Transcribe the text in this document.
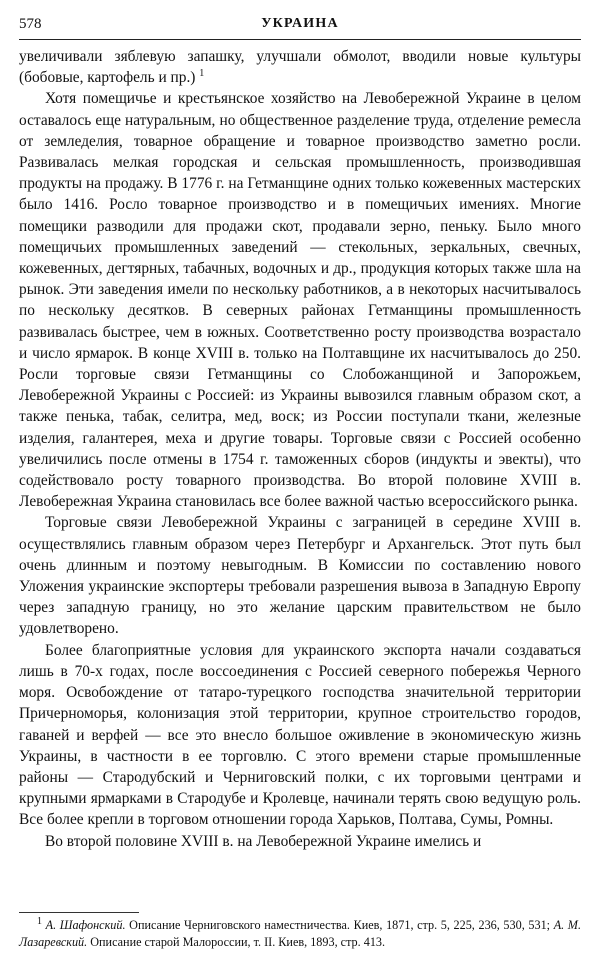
578	УКРАИНА

увеличивали зяблевую запашку, улучшали обмолот, вводили новые культуры (бобовые, картофель и пр.) $^1$

Хотя помещичье и крестьянское хозяйство на Левобережной Украине в целом оставалось еще натуральным, но общественное разделение труда, отделение ремесла от земледелия, товарное обращение и товарное производство заметно росли. Развивалась мелкая городская и сельская промышленность, производившая продукты на продажу. В 1776 г. на Гетманщине одних только кожевенных мастерских было 1416. Росло товарное производство и в помещичьих имениях. Многие помещики разводили для продажи скот, продавали зерно, пеньку. Было много помещичьих промышленных заведений — стекольных, зеркальных, свечных, кожевенных, дегтярных, табачных, водочных и др., продукция которых также шла на рынок. Эти заведения имели по нескольку работников, а в некоторых насчитывалось по нескольку десятков. В северных районах Гетманщины промышленность развивалась быстрее, чем в южных. Соответственно росту производства возрастало и число ярмарок. В конце XVIII в. только на Полтавщине их насчитывалось до 250. Росли торговые связи Гетманщины со Слобожанщиной и Запорожьем, Левобережной Украины с Россией: из Украины вывозился главным образом скот, а также пенька, табак, селитра, мед, воск; из России поступали ткани, железные изделия, галантерея, меха и другие товары. Торговые связи с Россией особенно увеличились после отмены в 1754 г. таможенных сборов (индукты и эвекты), что содействовало росту товарного производства. Во второй половине XVIII в. Левобережная Украина становилась все более важной частью всероссийского рынка.

Торговые связи Левобережной Украины с заграницей в середине XVIII в. осуществлялись главным образом через Петербург и Архангельск. Этот путь был очень длинным и поэтому невыгодным. В Комиссии по составлению нового Уложения украинские экспортеры требовали разрешения вывоза в Западную Европу через западную границу, но это желание царским правительством не было удовлетворено.

Более благоприятные условия для украинского экспорта начали создаваться лишь в 70-х годах, после воссоединения с Россией северного побережья Черного моря. Освобождение от татаро-турецкого господства значительной территории Причерноморья, колонизация этой территории, крупное строительство городов, гаваней и верфей — все это внесло большое оживление в экономическую жизнь Украины, в частности в ее торговлю. С этого времени старые промышленные районы — Стародубский и Черниговский полки, с их торговыми центрами и крупными ярмарками в Стародубе и Кролевце, начинали терять свою ведущую роль. Все более крепли в торговом отношении города Харьков, Полтава, Сумы, Ромны.

Во второй половине XVIII в. на Левобережной Украине имелись и

$^1$ А. Шафонский. Описание Черниговского наместничества. Киев, 1871, стр. 5, 225, 236, 530, 531; А. М. Лазаревский. Описание старой Малороссии, т. II. Киев, 1893, стр. 413.
